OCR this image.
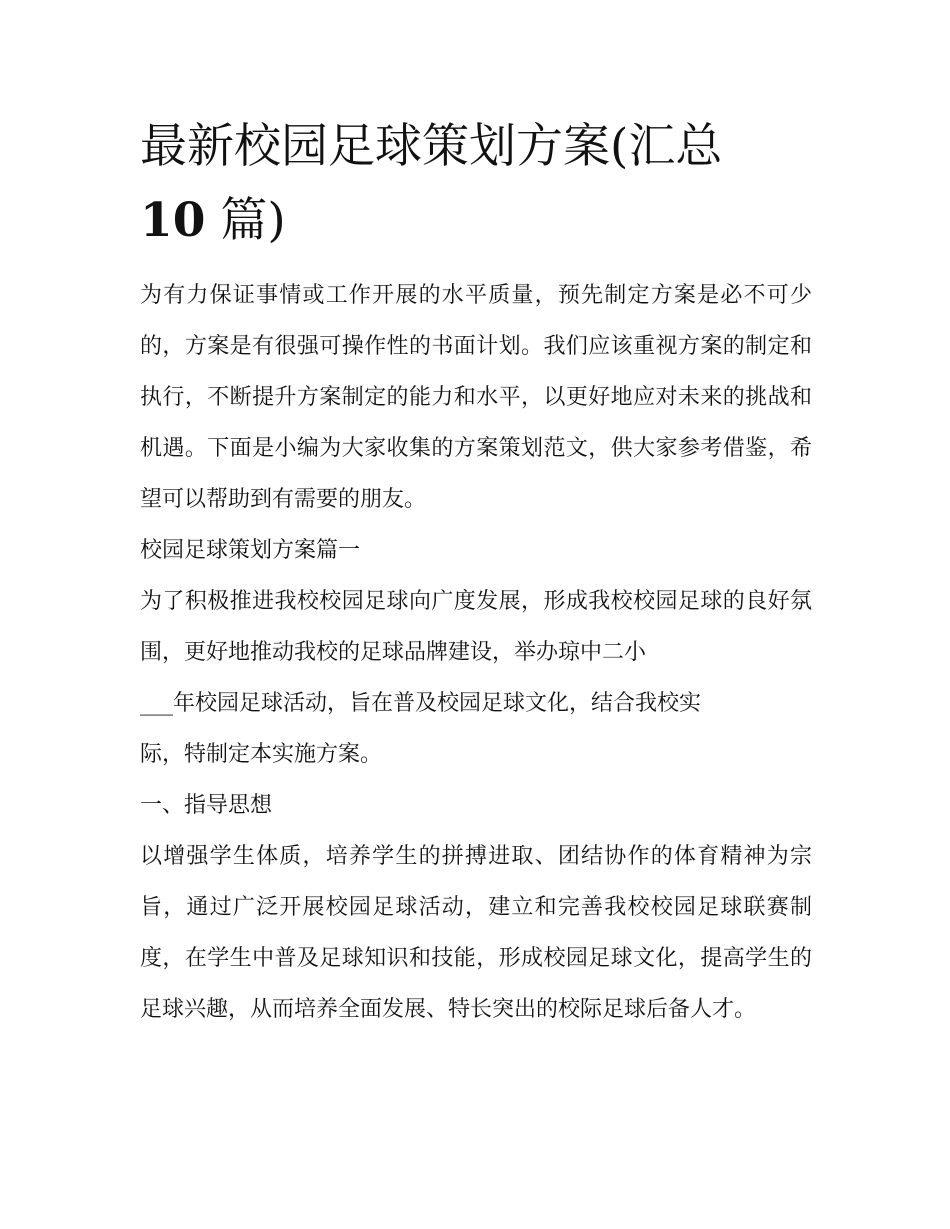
最新校园足球策划方案(汇总
10 篇)

为有力保证事情或工作开展的水平质量，预先制定方案是必不可少的，方案是有很强可操作性的书面计划。我们应该重视方案的制定和执行，不断提升方案制定的能力和水平，以更好地应对未来的挑战和机遇。下面是小编为大家收集的方案策划范文，供大家参考借鉴，希望可以帮助到有需要的朋友。

校园足球策划方案篇一

为了积极推进我校校园足球向广度发展，形成我校校园足球的良好氛围，更好地推动我校的足球品牌建设，举办琼中二小
___年校园足球活动，旨在普及校园足球文化，结合我校实
际，特制定本实施方案。

一、指导思想

以增强学生体质，培养学生的拼搏进取、团结协作的体育精神为宗旨，通过广泛开展校园足球活动，建立和完善我校校园足球联赛制度，在学生中普及足球知识和技能，形成校园足球文化，提高学生的足球兴趣，从而培养全面发展、特长突出的校际足球后备人才。
